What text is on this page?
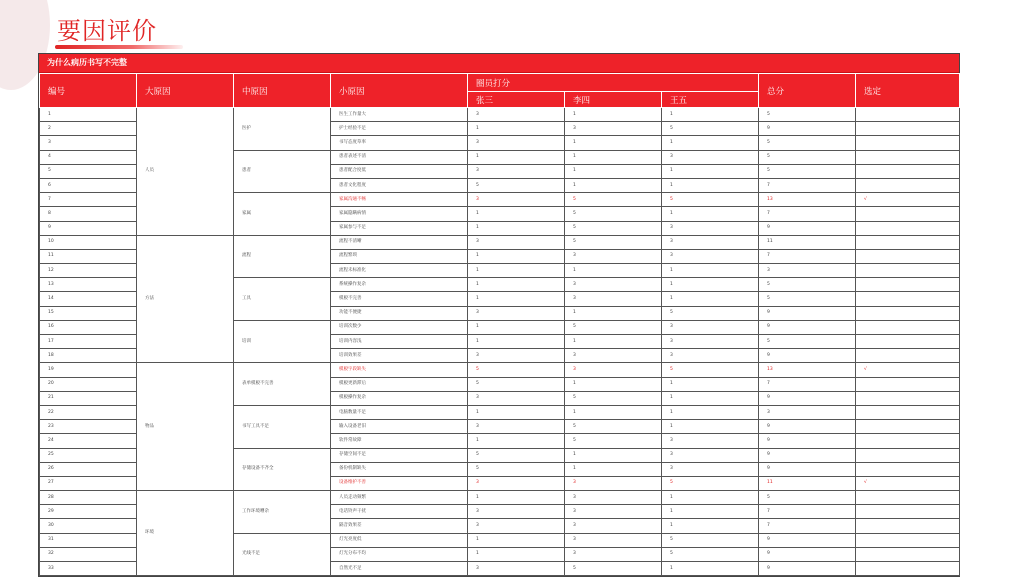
要因评价
为什么病历书写不完整
编号	大原因	中原因	小原因	圈员打分			总分	选定
				张三	李四	王五		
1	人员	医护	医生工作量大	3	1	1	5	
2			护士经验不足	1	3	5	9	
3			书写态度草率	3	1	1	5	
4		患者	患者表述不清	1	1	3	5	
5			患者配合度低	3	1	1	5	
6			患者文化程度	5	1	1	7	
7		家属	家属沟通不畅	3	5	5	13	√
8			家属隐瞒病情	1	5	1	7	
9			家属参与不足	1	5	3	9	
10	方法	流程	流程不清晰	3	5	3	11	
11			流程繁琐	1	3	3	7	
12			流程未标准化	1	1	1	3	
13		工具	系统操作复杂	1	3	1	5	
14			模板不完善	1	3	1	5	
15			功能不便捷	3	1	5	9	
16		培训	培训次数少	1	5	3	9	
17			培训内容浅	1	1	3	5	
18			培训效果差	3	3	3	9	
19	物品	表单模板不完善	模板字段缺失	5	3	5	13	√
20			模板更新滞后	5	1	1	7	
21			模板操作复杂	3	5	1	9	
22		书写工具不足	电脑数量不足	1	1	1	3	
23			输入设备老旧	3	5	1	9	
24			软件常故障	1	5	3	9	
25		存储设备不齐全	存储空间不足	5	1	3	9	
26			备份机制缺失	5	1	3	9	
27			设备维护不善	3	3	5	11	√
28	环境	工作环境嘈杂	人员走动频繁	1	3	1	5	
29			电话铃声干扰	3	3	1	7	
30			隔音效果差	3	3	1	7	
31		光线不足	灯光亮度低	1	3	5	9	
32			灯光分布不均	1	3	5	9	
33			自然光不足	3	5	1	9	
